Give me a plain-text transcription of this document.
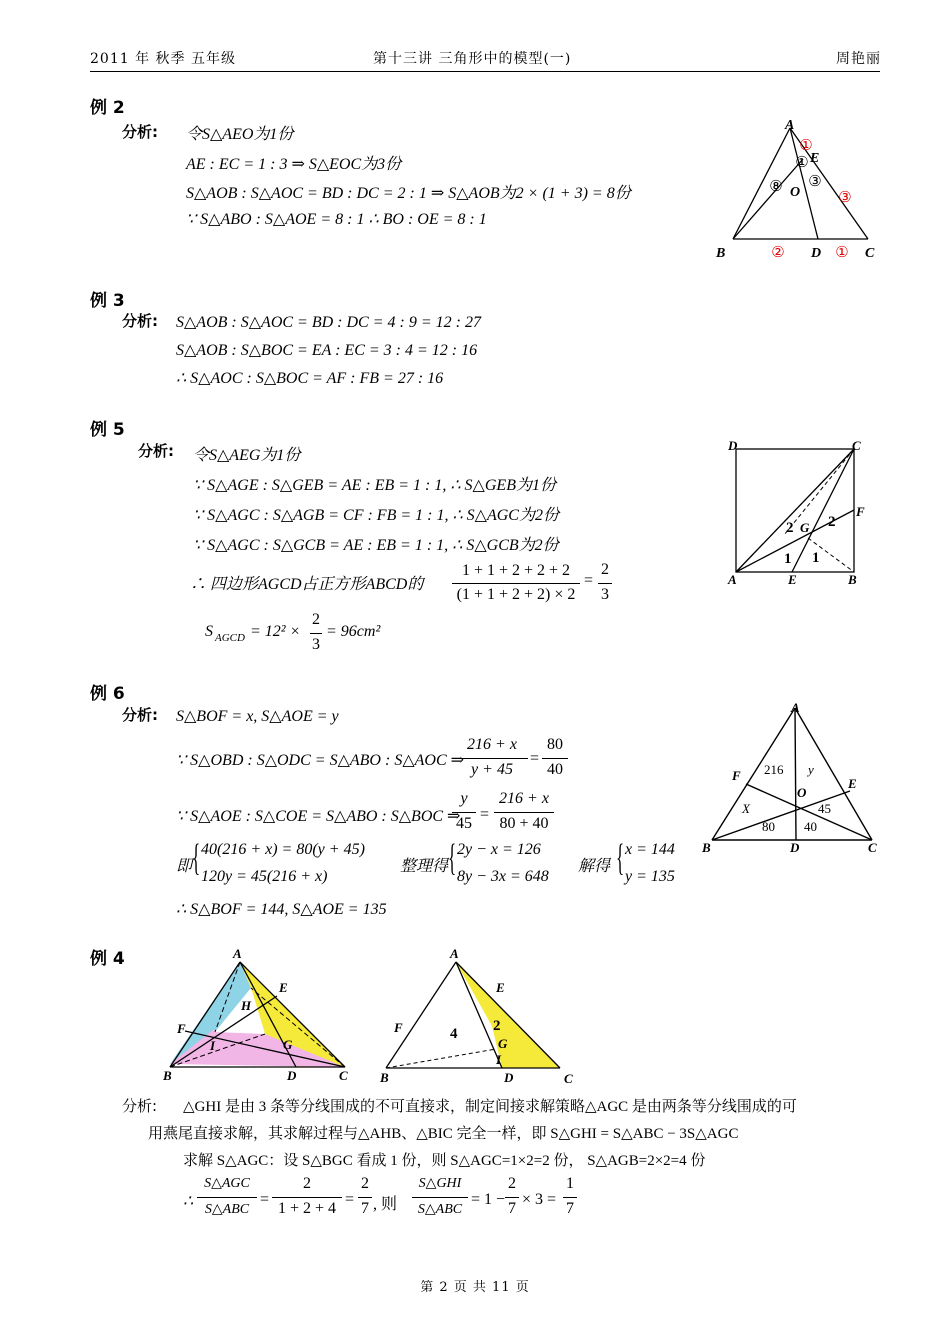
2011 年 秋季 五年级	第十三讲 三角形中的模型(一)	周艳丽
例 2
分析: 令S△AEO为1份
AE : EC = 1 : 3 ⇒ S△EOC为3份
S△AOB : S△AOC = BD : DC = 2 : 1 ⇒ S△AOB为2 × (1 + 3) = 8份
∵ S△ABO : S△AOE = 8 : 1 ∴ BO : OE = 8 : 1
A
B	C
D
E
O
①
③
⑧
②	①
①
③
例 3
分析: S△AOB : S△AOC = BD : DC = 4 : 9 = 12 : 27
S△AOB : S△BOC = EA : EC = 3 : 4 = 12 : 16
∴ S△AOC : S△BOC = AF : FB = 27 : 16
例 5
分析: 令S△AEG为1份
∵ S△AGE : S△GEB = AE : EB = 1 : 1, ∴ S△GEB为1份
∵ S△AGC : S△AGB = CF : FB = 1 : 1, ∴ S△AGC为2份
∵ S△AGC : S△GCB = AE : EB = 1 : 1, ∴ S△GCB为2份
∴ 四边形AGCD占正方形ABCD的
1 + 1 + 2 + 2 + 2
(1 + 1 + 2 + 2) × 2
=
2
3
S AGCD = 12² ×
2
3
= 96cm²
D	C
A	E	B
F
G
2 2
1 1
例 6
分析: S△BOF = x, S△AOE = y
∵ S△OBD : S△ODC = S△ABO : S△AOC ⇒
216 + x
y + 45
=
80
40
∵ S△AOE : S△COE = S△ABO : S△BOC ⇒
y
45
=
216 + x
80 + 40
即 { 40(216 + x) = 80(y + 45)
120y = 45(216 + x)
整理得 { 2y − x = 126
8y − 3x = 648
解得 { x = 144
y = 135
∴ S△BOF = 144, S△AOE = 135
A
F
E
O
B	D	C
216 y
X	45
80 40
例 4	A
E
H
F
I	G
B	D	C
A
E
F
G
I
B	D	C
4 2
分析: △GHI 是由 3 条等分线围成的不可直接求，制定间接求解策略△AGC 是由两条等分线围成的可
用燕尾直接求解，其求解过程与△AHB、△BIC 完全一样，即 S△GHI = S△ABC − 3S△AGC
求解 S△AGC：设 S△BGC 看成 1 份，则 S△AGC=1×2=2 份， S△AGB=2×2=4 份
∴
S△AGC
S△ABC
=
2
1 + 2 + 4
=
2
7 , 则
S△GHI
S△ABC
= 1 −
2
7
× 3 =
1
7
第 2 页 共 11 页
